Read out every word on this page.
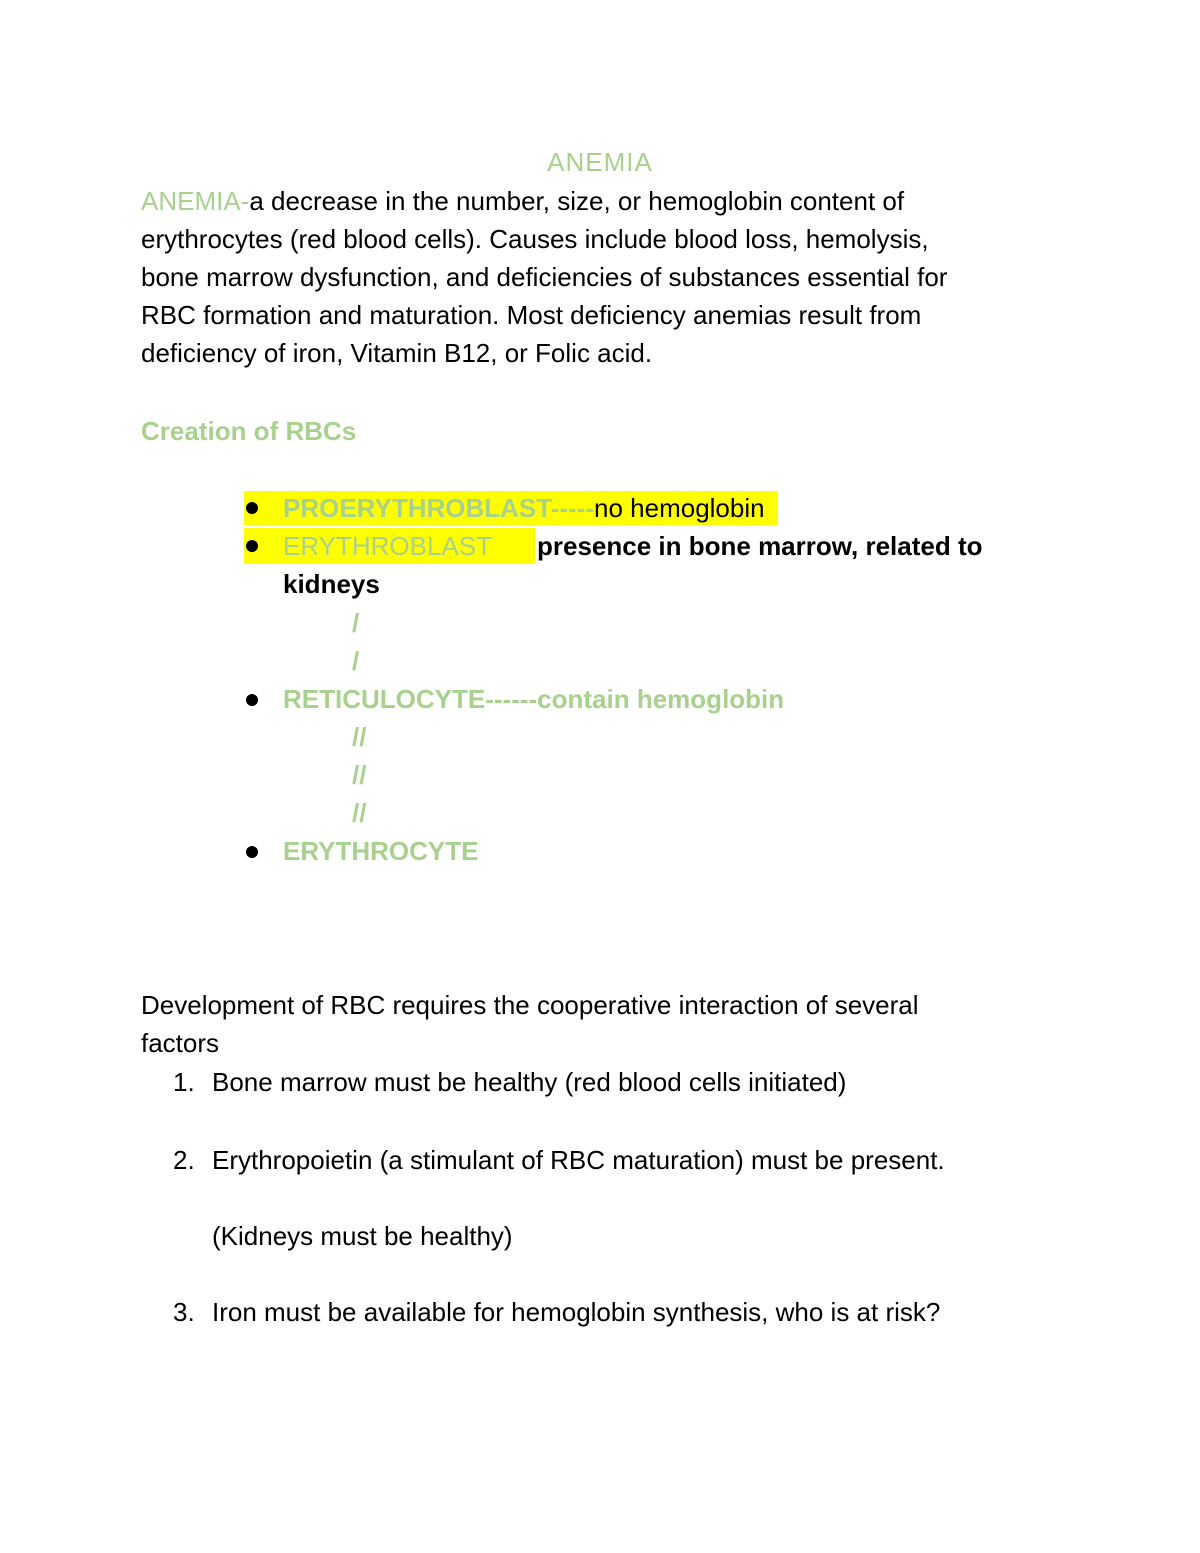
ANEMIA
ANEMIA-a decrease in the number, size, or hemoglobin content of
erythrocytes (red blood cells). Causes include blood loss, hemolysis,
bone marrow dysfunction, and deficiencies of substances essential for
RBC formation and maturation. Most deficiency anemias result from
deficiency of iron, Vitamin B12, or Folic acid.
Creation of RBCs
PROERYTHROBLAST-----no hemoglobin
ERYTHROBLAST presence in bone marrow, related to
kidneys
/
/
RETICULOCYTE------contain hemoglobin
//
//
//
ERYTHROCYTE
Development of RBC requires the cooperative interaction of several
factors
1. Bone marrow must be healthy (red blood cells initiated)
2. Erythropoietin (a stimulant of RBC maturation) must be present.
(Kidneys must be healthy)
3. Iron must be available for hemoglobin synthesis, who is at risk?
